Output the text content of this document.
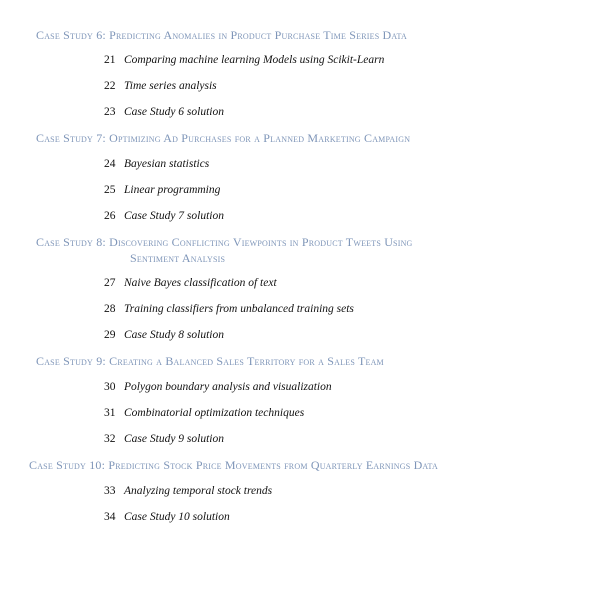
Case Study 6: Predicting Anomalies in Product Purchase Time Series Data
21 Comparing machine learning Models using Scikit-Learn
22 Time series analysis
23 Case Study 6 solution
Case Study 7: Optimizing Ad Purchases for a Planned Marketing Campaign
24 Bayesian statistics
25 Linear programming
26 Case Study 7 solution
Case Study 8: Discovering Conflicting Viewpoints in Product Tweets Using
Sentiment Analysis
27 Naive Bayes classification of text
28 Training classifiers from unbalanced training sets
29 Case Study 8 solution
Case Study 9: Creating a Balanced Sales Territory for a Sales Team
30 Polygon boundary analysis and visualization
31 Combinatorial optimization techniques
32 Case Study 9 solution
Case Study 10: Predicting Stock Price Movements from Quarterly Earnings Data
33 Analyzing temporal stock trends
34 Case Study 10 solution
